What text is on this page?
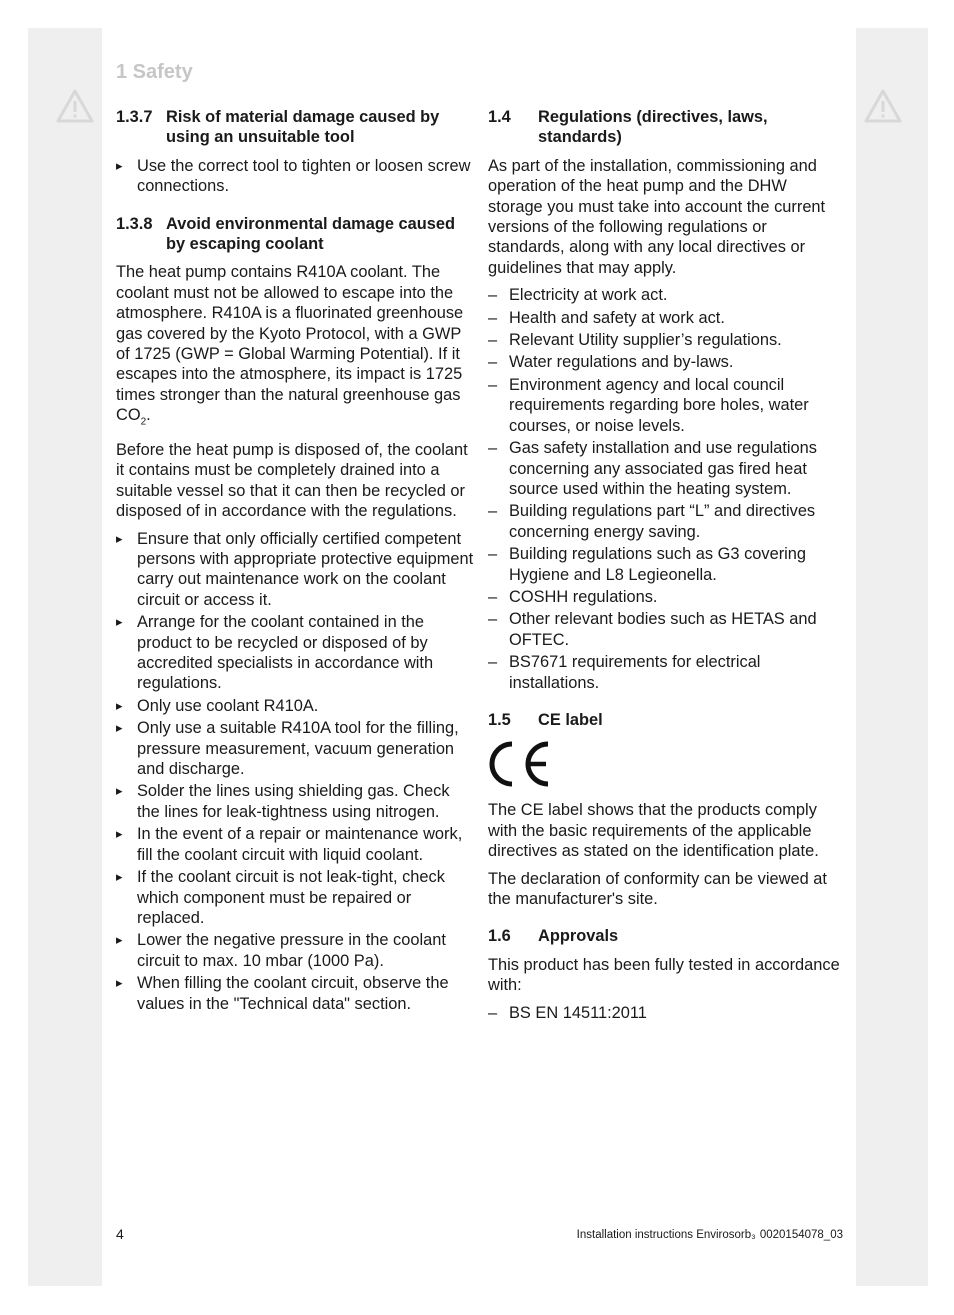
1 Safety
1.3.7 Risk of material damage caused by using an unsuitable tool
▸ Use the correct tool to tighten or loosen screw connections.
1.3.8 Avoid environmental damage caused by escaping coolant

The heat pump contains R410A coolant. The coolant must not be allowed to escape into the atmosphere. R410A is a fluorinated greenhouse gas covered by the Kyoto Protocol, with a GWP of 1725 (GWP = Global Warming Potential). If it escapes into the atmosphere, its impact is 1725 times stronger than the natural greenhouse gas $CO_2$.

Before the heat pump is disposed of, the coolant it contains must be completely drained into a suitable vessel so that it can then be recycled or disposed of in accordance with the regulations.

▸ Ensure that only officially certified competent persons with appropriate protective equipment carry out maintenance work on the coolant circuit or access it.
▸ Arrange for the coolant contained in the product to be recycled or disposed of by accredited specialists in accordance with regulations.
▸ Only use coolant R410A.
▸ Only use a suitable R410A tool for the filling, pressure measurement, vacuum generation and discharge.
▸ Solder the lines using shielding gas. Check the lines for leak-tightness using nitrogen.
▸ In the event of a repair or maintenance work, fill the coolant circuit with liquid coolant.
▸ If the coolant circuit is not leak-tight, check which component must be repaired or replaced.
▸ Lower the negative pressure in the coolant circuit to max. 10 mbar (1000 Pa).
▸ When filling the coolant circuit, observe the values in the "Technical data" section.
1.4	Regulations (directives, laws, standards)

As part of the installation, commissioning and operation of the heat pump and the DHW storage you must take into account the current versions of the following regulations or standards, along with any local directives or guidelines that may apply.

– Electricity at work act.
– Health and safety at work act.
– Relevant Utility supplier’s regulations.
– Water regulations and by-laws.
– Environment agency and local council requirements regarding bore holes, water courses, or noise levels.
– Gas safety installation and use regulations concerning any associated gas fired heat source used within the heating system.
– Building regulations part “L” and directives concerning energy saving.
– Building regulations such as G3 covering Hygiene and L8 Legieonella.
– COSHH regulations.
– Other relevant bodies such as HETAS and OFTEC.
– BS7671 requirements for electrical installations.
1.5	CE label

The CE label shows that the products comply with the basic requirements of the applicable directives as stated on the identification plate.

The declaration of conformity can be viewed at the manufacturer's site.

1.6	Approvals

This product has been fully tested in accordance with:

– BS EN 14511:2011
4	Installation instructions Envirosorb₃ 0020154078_03
